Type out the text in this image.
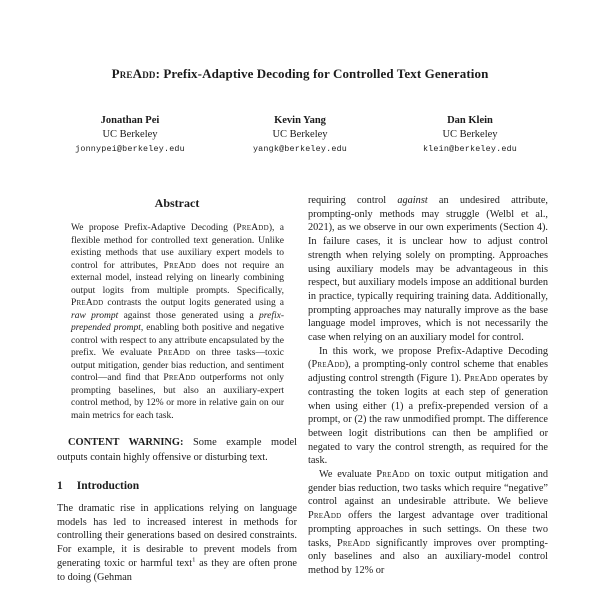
PreAdd: Prefix-Adaptive Decoding for Controlled Text Generation
Jonathan Pei
UC Berkeley
jonnypei@berkeley.edu
Kevin Yang
UC Berkeley
yangk@berkeley.edu
Dan Klein
UC Berkeley
klein@berkeley.edu
Abstract

We propose Prefix-Adaptive Decoding (PreAdd), a flexible method for controlled text generation. Unlike existing methods that use auxiliary expert models to control for attributes, PreAdd does not require an external model, instead relying on linearly combining output logits from multiple prompts. Specifically, PreAdd contrasts the output logits generated using a raw prompt against those generated using a prefix-prepended prompt, enabling both positive and negative control with respect to any attribute encapsulated by the prefix. We evaluate PreAdd on three tasks—toxic output mitigation, gender bias reduction, and sentiment control—and find that PreAdd outperforms not only prompting baselines, but also an auxiliary-expert control method, by 12% or more in relative gain on our main metrics for each task.

CONTENT WARNING: Some example model outputs contain highly offensive or disturbing text.

1 Introduction

The dramatic rise in applications relying on language models has led to increased interest in methods for controlling their generations based on desired constraints. For example, it is desirable to prevent models from generating toxic or harmful text$^1$ as they are often prone to doing (Gehman

requiring control against an undesired attribute, prompting-only methods may struggle (Welbl et al., 2021), as we observe in our own experiments (Section 4). In failure cases, it is unclear how to adjust control strength when relying solely on prompting. Approaches using auxiliary models may be advantageous in this respect, but auxiliary models impose an additional burden in practice, typically requiring training data. Additionally, prompting approaches may naturally improve as the base language model improves, which is not necessarily the case when relying on an auxiliary model for control.

In this work, we propose Prefix-Adaptive Decoding (PreAdd), a prompting-only control scheme that enables adjusting control strength (Figure 1). PreAdd operates by contrasting the token logits at each step of generation when using either (1) a prefix-prepended version of a prompt, or (2) the raw unmodified prompt. The difference between logit distributions can then be amplified or negated to vary the control strength, as required for the task.

We evaluate PreAdd on toxic output mitigation and gender bias reduction, two tasks which require “negative” control against an undesirable attribute. We believe PreAdd offers the largest advantage over traditional prompting approaches in such settings. On these two tasks, PreAdd significantly improves over prompting-only baselines and also an auxiliary-model control method by 12% or
